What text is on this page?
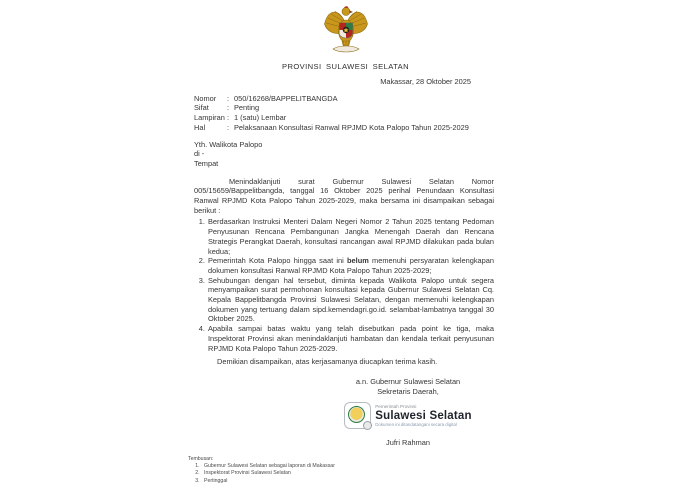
PROVINSI SULAWESI SELATAN
Makassar, 28 Oktober 2025
Nomor	: 050/16268/BAPPELITBANGDA
Sifat	: Penting
Lampiran : 1 (satu) Lembar
Hal	: Pelaksanaan Konsultasi Ranwal RPJMD Kota Palopo Tahun 2025-2029
Yth. Walikota Palopo
di -
Tempat

Menindaklanjuti surat Gubernur Sulawesi Selatan Nomor 005/15659/Bappelitbangda, tanggal 16 Oktober 2025 perihal Penundaan Konsultasi Ranwal RPJMD Kota Palopo Tahun 2025-2029, maka bersama ini disampaikan sebagai berikut :

1. Berdasarkan Instruksi Menteri Dalam Negeri Nomor 2 Tahun 2025 tentang Pedoman Penyusunan Rencana Pembangunan Jangka Menengah Daerah dan Rencana Strategis Perangkat Daerah, konsultasi rancangan awal RPJMD dilakukan pada bulan kedua;
2. Pemerintah Kota Palopo hingga saat ini belum memenuhi persyaratan kelengkapan dokumen konsultasi Ranwal RPJMD Kota Palopo Tahun 2025-2029;
3. Sehubungan dengan hal tersebut, diminta kepada Walikota Palopo untuk segera menyampaikan surat permohonan konsultasi kepada Gubernur Sulawesi Selatan Cq. Kepala Bappelitbangda Provinsi Sulawesi Selatan, dengan memenuhi kelengkapan dokumen yang tertuang dalam sipd.kemendagri.go.id. selambat-lambatnya tanggal 30 Oktober 2025.
4. Apabila sampai batas waktu yang telah disebutkan pada point ke tiga, maka Inspektorat Provinsi akan menindaklanjuti hambatan dan kendala terkait penyusunan RPJMD Kota Palopo Tahun 2025-2029.

Demikian disampaikan, atas kerjasamanya diucapkan terima kasih.

a.n. Gubernur Sulawesi Selatan
Sekretaris Daerah,
Pemerintah Provinsi
Sulawesi Selatan
Dokumen ini ditandatangani secara digital
Jufri Rahman
Tembusan:
1. Gubernur Sulawesi Selatan sebagai laporan di Makassar
2. Inspektorat Provinsi Sulawesi Selatan
3. Pertinggal
